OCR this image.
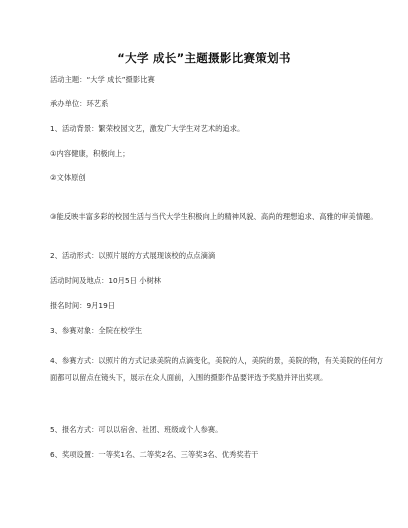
“大学 成长”主题摄影比赛策划书
活动主题：“大学 成长”摄影比赛
承办单位：环艺系
1、活动背景：繁荣校园文艺，激发广大学生对艺术的追求。
①内容健康，积极向上；
②文体原创
③能反映丰富多彩的校园生活与当代大学生积极向上的精神风貌、高尚的理想追求、高雅的审美情趣。
2、活动形式：以照片展的方式展现该校的点点滴滴
活动时间及地点：10月5日 小树林
报名时间：9月19日
3、参赛对象：全院在校学生
4、参赛方式：以照片的方式记录美院的点滴变化，美院的人，美院的景，美院的物，有关美院的任何方面都可以留点在镜头下，展示在众人面前，入围的摄影作品要评选予奖励并评出奖项。
5、报名方式：可以以宿舍、社团、班级或个人参赛。
6、奖项设置：一等奖1名、二等奖2名、三等奖3名、优秀奖若干
